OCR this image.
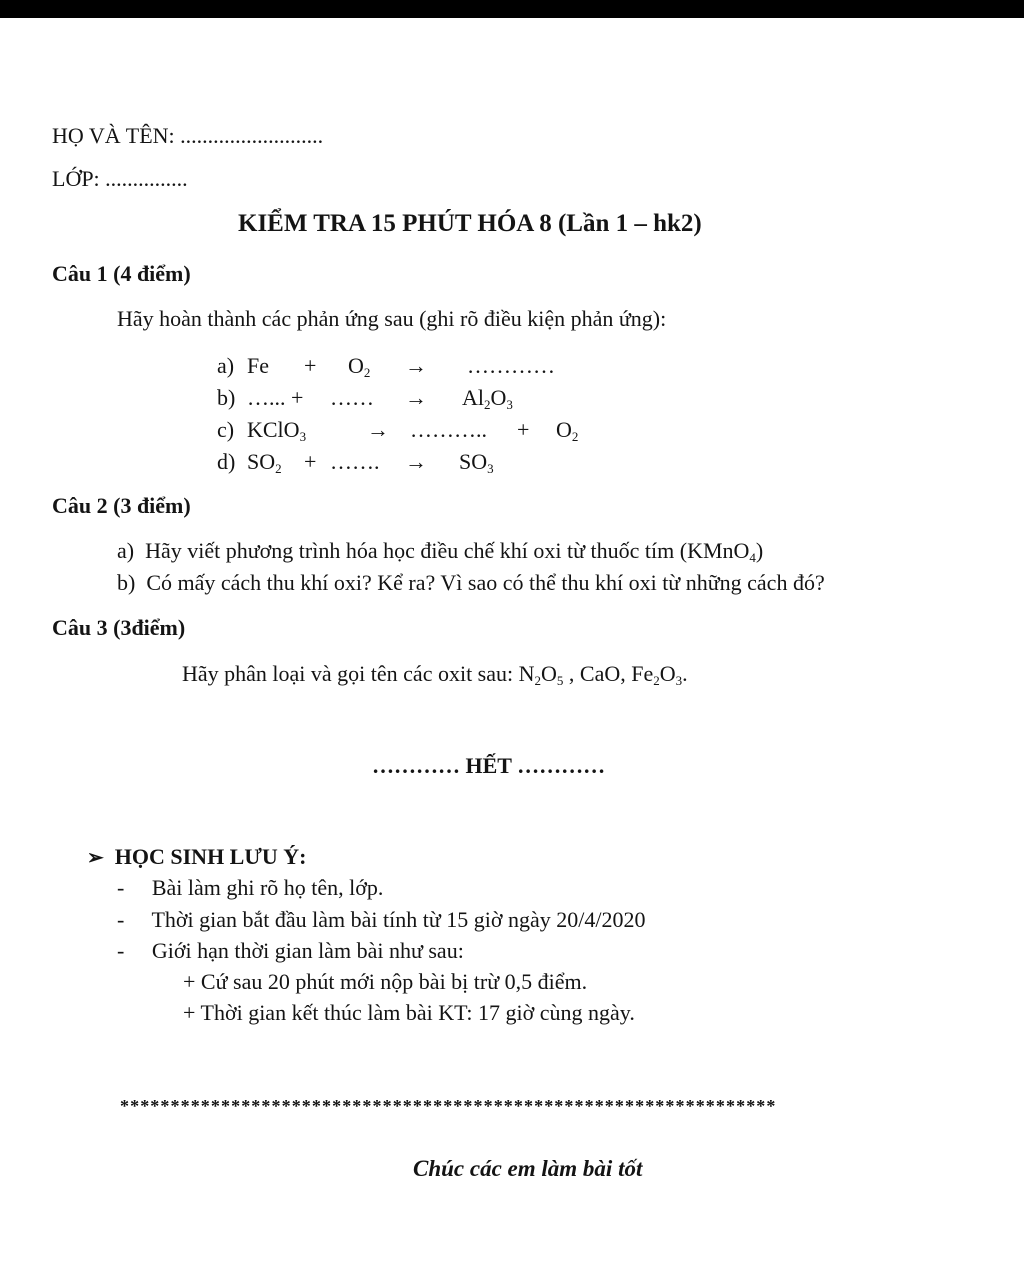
HỌ VÀ TÊN: ..........................
LỚP: ...............
KIỂM TRA 15 PHÚT HÓA 8 (Lần 1 – hk2)
Câu 1 (4 điểm)
Hãy hoàn thành các phản ứng sau (ghi rõ điều kiện phản ứng):
a) $Fe + O_2$ → …………
b) …... + …… → $Al_2O_3$
c) KClO$_3$	→ ……….. + $O_2$
d) $SO_2$ + ……. → $SO_3$
Câu 2 (3 điểm)
a) Hãy viết phương trình hóa học điều chế khí oxi từ thuốc tím (KMnO$_4$)
b) Có mấy cách thu khí oxi? Kể ra? Vì sao có thể thu khí oxi từ những cách đó?
Câu 3 (3điểm)
Hãy phân loại và gọi tên các oxit sau: $N_2O_5$ , CaO, $Fe_2O_3$.
………… HẾT …………
➢ HỌC SINH LƯU Ý:
- Bài làm ghi rõ họ tên, lớp.
- Thời gian bắt đầu làm bài tính từ 15 giờ ngày 20/4/2020
- Giới hạn thời gian làm bài như sau:
+ Cứ sau 20 phút mới nộp bài bị trừ 0,5 điểm.
+ Thời gian kết thúc làm bài KT: 17 giờ cùng ngày.
*****************************************************************
Chúc các em làm bài tốt
